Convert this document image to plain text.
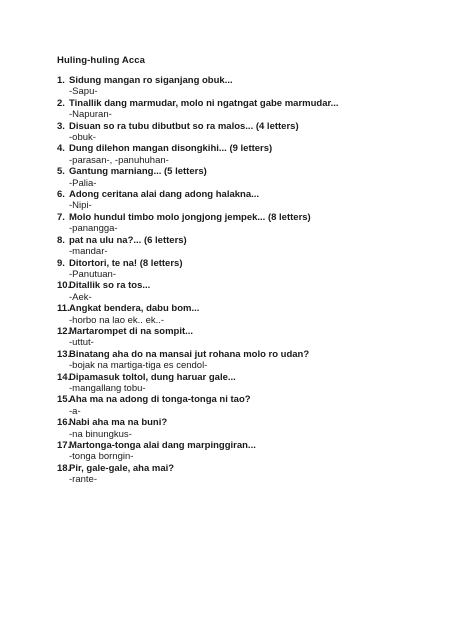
Huling-huling Acca
1. Sidung mangan ro siganjang obuk...
-Sapu-
2. Tinallik dang marmudar, molo ni ngatngat gabe marmudar...
-Napuran-
3. Disuan so ra tubu dibutbut so ra malos... (4 letters)
-obuk-
4. Dung dilehon mangan disongkihi... (9 letters)
-parasan-, -panuhuhan-
5. Gantung marniang... (5 letters)
-Palia-
6. Adong ceritana alai dang adong halakna...
-Nipi-
7. Molo hundul timbo molo jongjong jempek... (8 letters)
-panangga-
8. pat na ulu na?... (6 letters)
-mandar-
9. Ditortori, te na! (8 letters)
-Panutuan-
10.
Ditallik so ra tos...
-Aek-
11. Angkat bendera, dabu bom...
-horbo na lao ek.. ek..-
12.
Martarompet di na sompit...
-uttut-
13.
Binatang aha do na mansai jut rohana molo ro udan?
-bojak na martiga-tiga es cendol-
14.
Dipamasuk toltol, dung haruar gale...
-mangallang tobu-
15.
Aha ma na adong di tonga-tonga ni tao?
-a-
16.
Nabi aha ma na buni?
-na binungkus-
17.
Martonga-tonga alai dang marpinggiran...
-tonga borngin-
18.
Pir, gale-gale, aha mai?
-rante-
